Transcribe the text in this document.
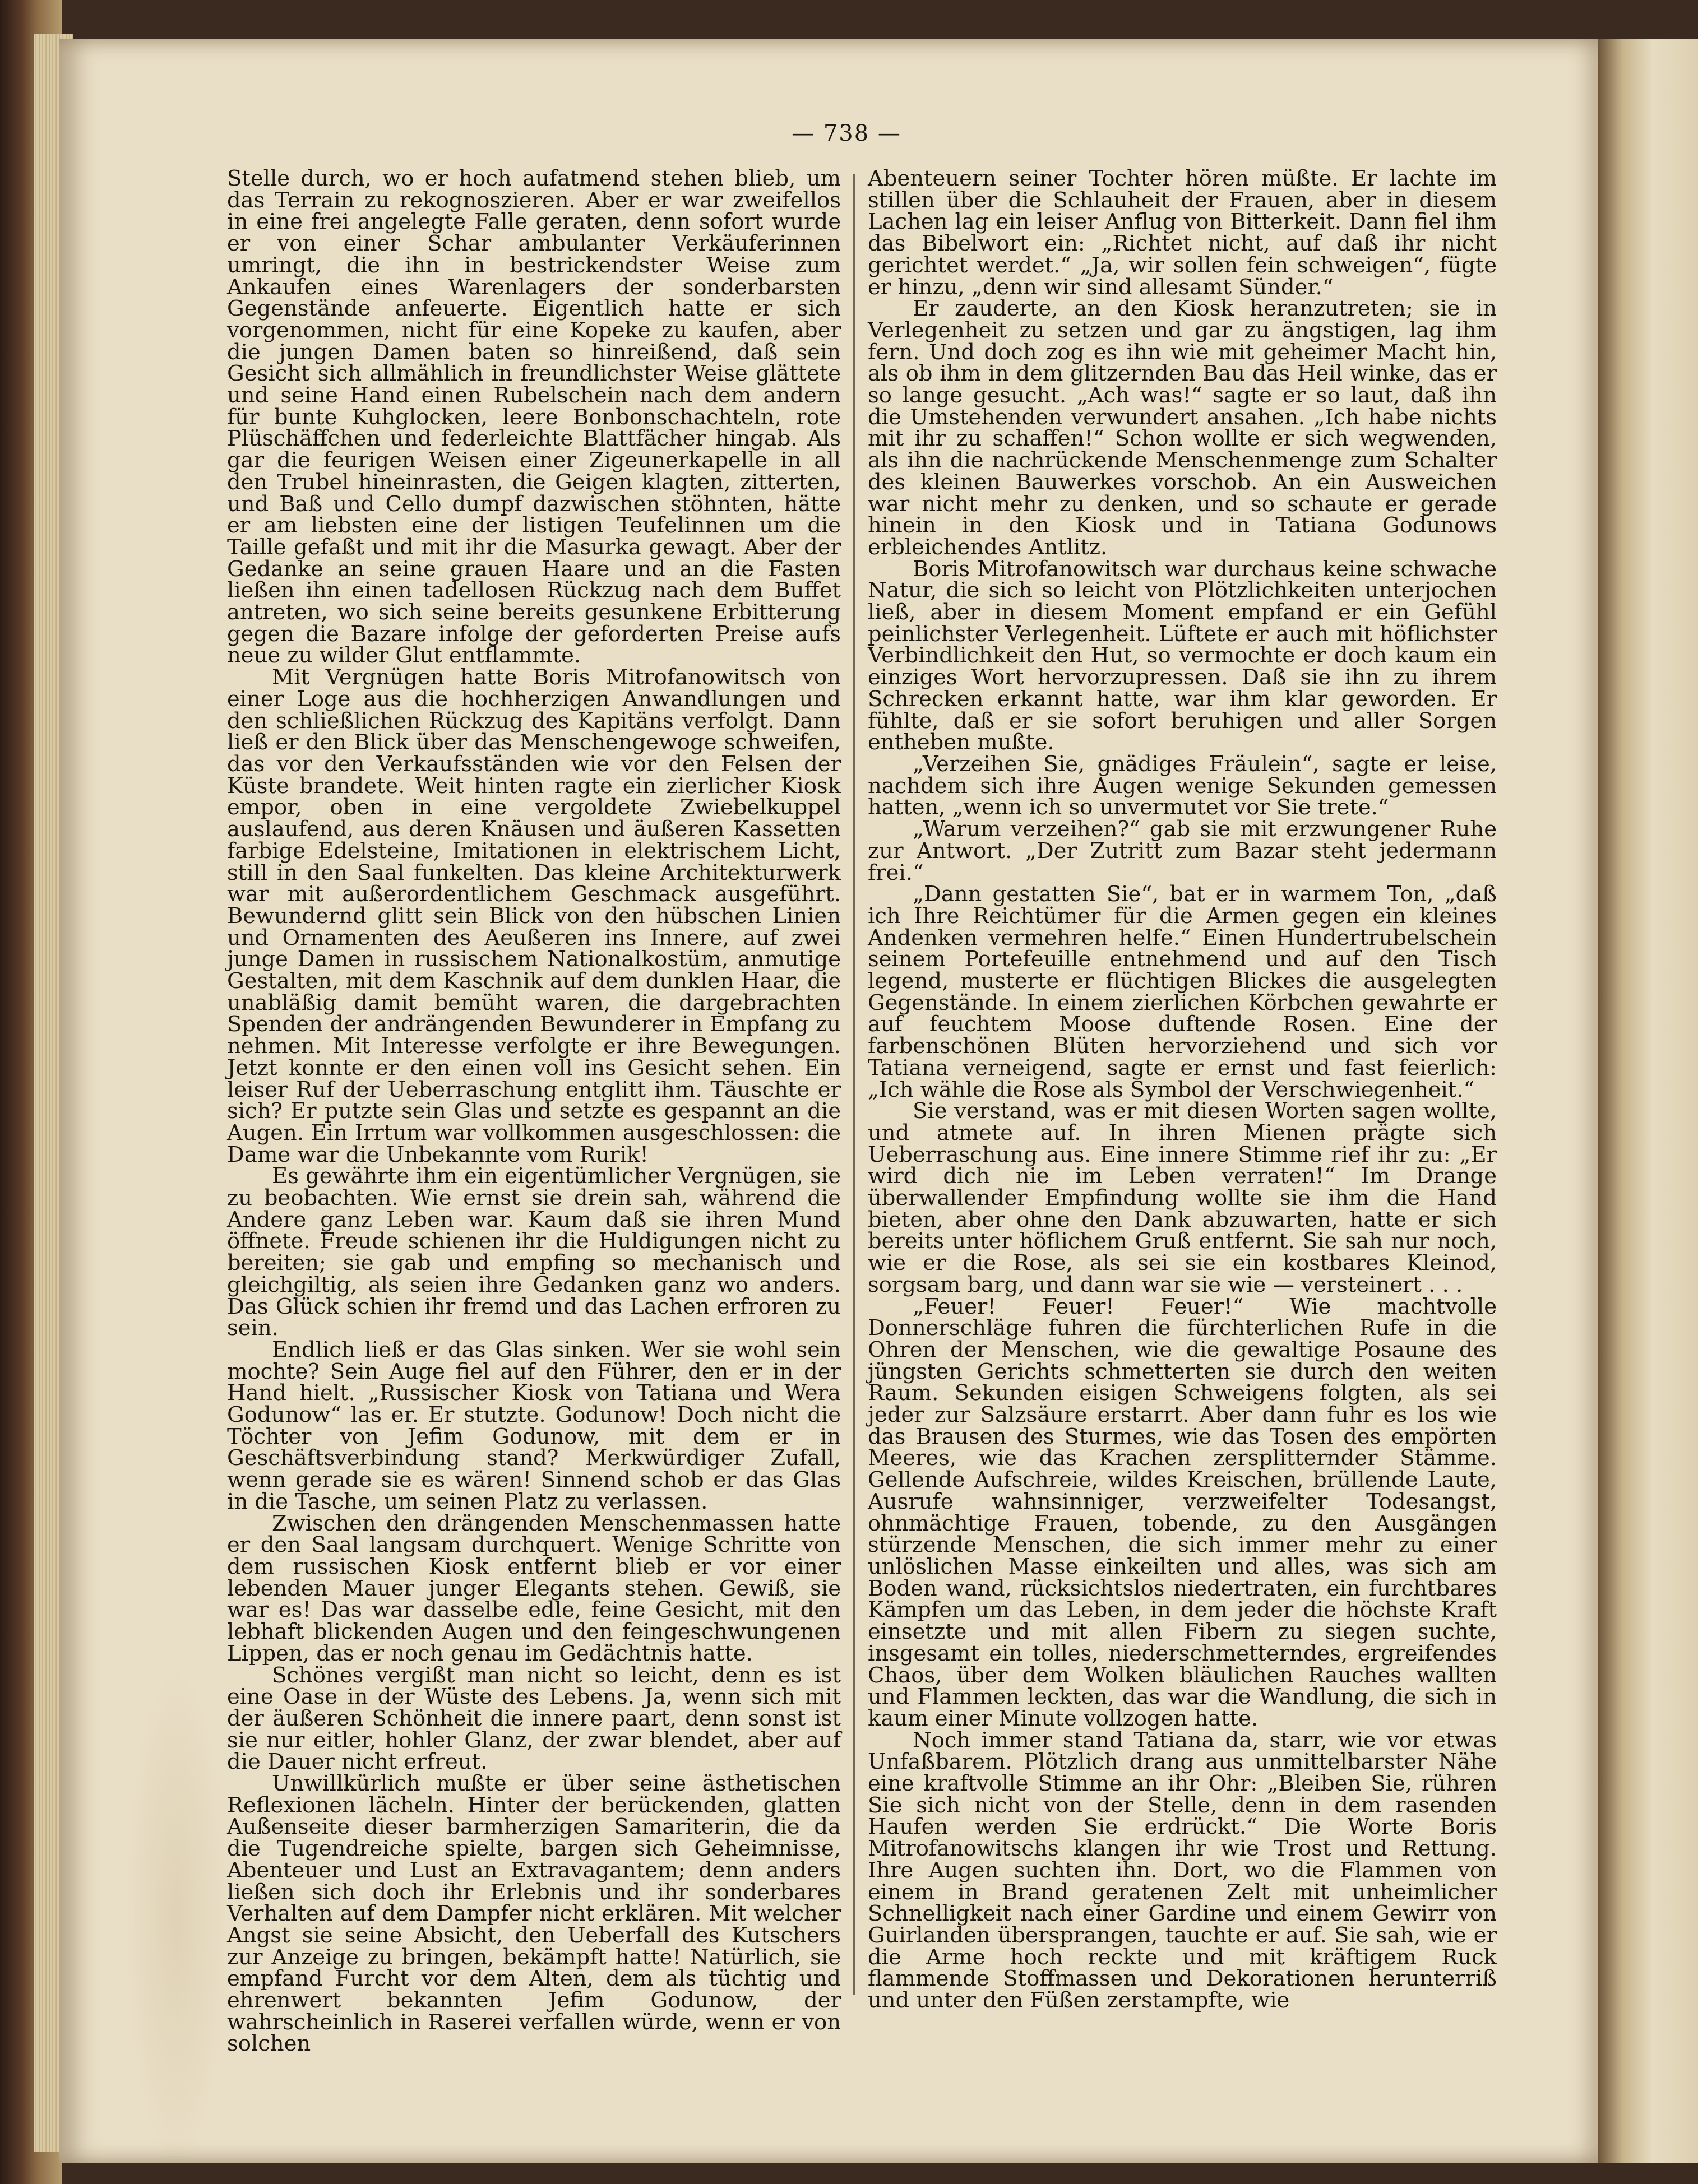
— 738 —

Stelle durch, wo er hoch aufatmend stehen blieb, um das Terrain zu rekognoszieren. Aber er war zweifellos in eine frei angelegte Falle geraten, denn sofort wurde er von einer Schar ambulanter Verkäuferinnen umringt, die ihn in bestrickendster Weise zum Ankaufen eines Warenlagers der sonderbarsten Gegenstände anfeuerte. Eigentlich hatte er sich vorgenommen, nicht für eine Kopeke zu kaufen, aber die jungen Damen baten so hinreißend, daß sein Gesicht sich allmählich in freundlichster Weise glättete und seine Hand einen Rubelschein nach dem andern für bunte Kuhglocken, leere Bonbonschachteln, rote Plüschäffchen und federleichte Blattfächer hingab. Als gar die feurigen Weisen einer Zigeunerkapelle in all den Trubel hineinrasten, die Geigen klagten, zitterten, und Baß und Cello dumpf dazwischen stöhnten, hätte er am liebsten eine der listigen Teufelinnen um die Taille gefaßt und mit ihr die Masurka gewagt. Aber der Gedanke an seine grauen Haare und an die Fasten ließen ihn einen tadellosen Rückzug nach dem Buffet antreten, wo sich seine bereits gesunkene Erbitterung gegen die Bazare infolge der geforderten Preise aufs neue zu wilder Glut entflammte.

Mit Vergnügen hatte Boris Mitrofanowitsch von einer Loge aus die hochherzigen Anwandlungen und den schließlichen Rückzug des Kapitäns verfolgt. Dann ließ er den Blick über das Menschengewoge schweifen, das vor den Verkaufsständen wie vor den Felsen der Küste brandete. Weit hinten ragte ein zierlicher Kiosk empor, oben in eine vergoldete Zwiebelkuppel auslaufend, aus deren Knäusen und äußeren Kassetten farbige Edelsteine, Imitationen in elektrischem Licht, still in den Saal funkelten. Das kleine Architekturwerk war mit außerordentlichem Geschmack ausgeführt. Bewundernd glitt sein Blick von den hübschen Linien und Ornamenten des Aeußeren ins Innere, auf zwei junge Damen in russischem Nationalkostüm, anmutige Gestalten, mit dem Kaschnik auf dem dunklen Haar, die unabläßig damit bemüht waren, die dargebrachten Spenden der andrängenden Bewunderer in Empfang zu nehmen. Mit Interesse verfolgte er ihre Bewegungen. Jetzt konnte er den einen voll ins Gesicht sehen. Ein leiser Ruf der Ueberraschung entglitt ihm. Täuschte er sich? Er putzte sein Glas und setzte es gespannt an die Augen. Ein Irrtum war vollkommen ausgeschlossen: die Dame war die Unbekannte vom Rurik!

Es gewährte ihm ein eigentümlicher Vergnügen, sie zu beobachten. Wie ernst sie drein sah, während die Andere ganz Leben war. Kaum daß sie ihren Mund öffnete. Freude schienen ihr die Huldigungen nicht zu bereiten; sie gab und empfing so mechanisch und gleichgiltig, als seien ihre Gedanken ganz wo anders. Das Glück schien ihr fremd und das Lachen erfroren zu sein.

Endlich ließ er das Glas sinken. Wer sie wohl sein mochte? Sein Auge fiel auf den Führer, den er in der Hand hielt. „Russischer Kiosk von Tatiana und Wera Godunow“ las er. Er stutzte. Godunow! Doch nicht die Töchter von Jefim Godunow, mit dem er in Geschäftsverbindung stand? Merkwürdiger Zufall, wenn gerade sie es wären! Sinnend schob er das Glas in die Tasche, um seinen Platz zu verlassen.

Zwischen den drängenden Menschenmassen hatte er den Saal langsam durchquert. Wenige Schritte von dem russischen Kiosk entfernt blieb er vor einer lebenden Mauer junger Elegants stehen. Gewiß, sie war es! Das war dasselbe edle, feine Gesicht, mit den lebhaft blickenden Augen und den feingeschwungenen Lippen, das er noch genau im Gedächtnis hatte.

Schönes vergißt man nicht so leicht, denn es ist eine Oase in der Wüste des Lebens. Ja, wenn sich mit der äußeren Schönheit die innere paart, denn sonst ist sie nur eitler, hohler Glanz, der zwar blendet, aber auf die Dauer nicht erfreut.

Unwillkürlich mußte er über seine ästhetischen Reflexionen lächeln. Hinter der berückenden, glatten Außenseite dieser barmherzigen Samariterin, die da die Tugendreiche spielte, bargen sich Geheimnisse, Abenteuer und Lust an Extravagantem; denn anders ließen sich doch ihr Erlebnis und ihr sonderbares Verhalten auf dem Dampfer nicht erklären. Mit welcher Angst sie seine Absicht, den Ueberfall des Kutschers zur Anzeige zu bringen, bekämpft hatte! Natürlich, sie empfand Furcht vor dem Alten, dem als tüchtig und ehrenwert bekannten Jefim Godunow, der wahrscheinlich in Raserei verfallen würde, wenn er von solchen

Abenteuern seiner Tochter hören müßte. Er lachte im stillen über die Schlauheit der Frauen, aber in diesem Lachen lag ein leiser Anflug von Bitterkeit. Dann fiel ihm das Bibelwort ein: „Richtet nicht, auf daß ihr nicht gerichtet werdet.“ „Ja, wir sollen fein schweigen“, fügte er hinzu, „denn wir sind allesamt Sünder.“

Er zauderte, an den Kiosk heranzutreten; sie in Verlegenheit zu setzen und gar zu ängstigen, lag ihm fern. Und doch zog es ihn wie mit geheimer Macht hin, als ob ihm in dem glitzernden Bau das Heil winke, das er so lange gesucht. „Ach was!“ sagte er so laut, daß ihn die Umstehenden verwundert ansahen. „Ich habe nichts mit ihr zu schaffen!“ Schon wollte er sich wegwenden, als ihn die nachrückende Menschenmenge zum Schalter des kleinen Bauwerkes vorschob. An ein Ausweichen war nicht mehr zu denken, und so schaute er gerade hinein in den Kiosk und in Tatiana Godunows erbleichendes Antlitz.

Boris Mitrofanowitsch war durchaus keine schwache Natur, die sich so leicht von Plötzlichkeiten unterjochen ließ, aber in diesem Moment empfand er ein Gefühl peinlichster Verlegenheit. Lüftete er auch mit höflichster Verbindlichkeit den Hut, so vermochte er doch kaum ein einziges Wort hervorzupressen. Daß sie ihn zu ihrem Schrecken erkannt hatte, war ihm klar geworden. Er fühlte, daß er sie sofort beruhigen und aller Sorgen entheben mußte.

„Verzeihen Sie, gnädiges Fräulein“, sagte er leise, nachdem sich ihre Augen wenige Sekunden gemessen hatten, „wenn ich so unvermutet vor Sie trete.“

„Warum verzeihen?“ gab sie mit erzwungener Ruhe zur Antwort. „Der Zutritt zum Bazar steht jedermann frei.“

„Dann gestatten Sie“, bat er in warmem Ton, „daß ich Ihre Reichtümer für die Armen gegen ein kleines Andenken vermehren helfe.“ Einen Hundertrubelschein seinem Portefeuille entnehmend und auf den Tisch legend, musterte er flüchtigen Blickes die ausgelegten Gegenstände. In einem zierlichen Körbchen gewahrte er auf feuchtem Moose duftende Rosen. Eine der farbenschönen Blüten hervorziehend und sich vor Tatiana verneigend, sagte er ernst und fast feierlich: „Ich wähle die Rose als Symbol der Verschwiegenheit.“

Sie verstand, was er mit diesen Worten sagen wollte, und atmete auf. In ihren Mienen prägte sich Ueberraschung aus. Eine innere Stimme rief ihr zu: „Er wird dich nie im Leben verraten!“ Im Drange überwallender Empfindung wollte sie ihm die Hand bieten, aber ohne den Dank abzuwarten, hatte er sich bereits unter höflichem Gruß entfernt. Sie sah nur noch, wie er die Rose, als sei sie ein kostbares Kleinod, sorgsam barg, und dann war sie wie — versteinert . . .

„Feuer! Feuer! Feuer!“ Wie machtvolle Donnerschläge fuhren die fürchterlichen Rufe in die Ohren der Menschen, wie die gewaltige Posaune des jüngsten Gerichts schmetterten sie durch den weiten Raum. Sekunden eisigen Schweigens folgten, als sei jeder zur Salzsäure erstarrt. Aber dann fuhr es los wie das Brausen des Sturmes, wie das Tosen des empörten Meeres, wie das Krachen zersplitternder Stämme. Gellende Aufschreie, wildes Kreischen, brüllende Laute, Ausrufe wahnsinniger, verzweifelter Todesangst, ohnmächtige Frauen, tobende, zu den Ausgängen stürzende Menschen, die sich immer mehr zu einer unlöslichen Masse einkeilten und alles, was sich am Boden wand, rücksichtslos niedertraten, ein furchtbares Kämpfen um das Leben, in dem jeder die höchste Kraft einsetzte und mit allen Fibern zu siegen suchte, insgesamt ein tolles, niederschmetterndes, ergreifendes Chaos, über dem Wolken bläulichen Rauches wallten und Flammen leckten, das war die Wandlung, die sich in kaum einer Minute vollzogen hatte.

Noch immer stand Tatiana da, starr, wie vor etwas Unfaßbarem. Plötzlich drang aus unmittelbarster Nähe eine kraftvolle Stimme an ihr Ohr: „Bleiben Sie, rühren Sie sich nicht von der Stelle, denn in dem rasenden Haufen werden Sie erdrückt.“ Die Worte Boris Mitrofanowitschs klangen ihr wie Trost und Rettung. Ihre Augen suchten ihn. Dort, wo die Flammen von einem in Brand geratenen Zelt mit unheimlicher Schnelligkeit nach einer Gardine und einem Gewirr von Guirlanden übersprangen, tauchte er auf. Sie sah, wie er die Arme hoch reckte und mit kräftigem Ruck flammende Stoffmassen und Dekorationen herunterriß und unter den Füßen zerstampfte, wie
